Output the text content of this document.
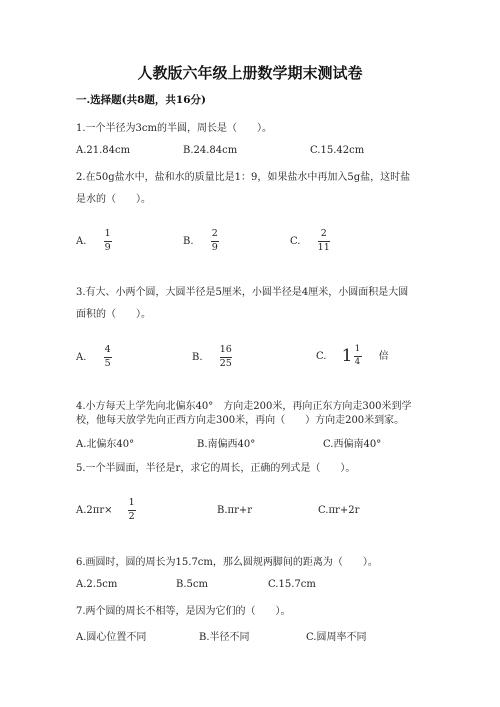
人教版六年级上册数学期末测试卷
一.选择题(共8题，共16分)
1.一个半径为3cm的半圆，周长是（　　）。
A.21.84cm	B.24.84cm	C.15.42cm
2.在50g盐水中，盐和水的质量比是1：9，如果盐水中再加入5g盐，这时盐
是水的（　　）。
A. $\frac{1}{9}$	B. $\frac{2}{9}$	C. $\frac{2}{11}$
3.有大、小两个圆，大圆半径是5厘米，小圆半径是4厘米，小圆面积是大圆
面积的（　　）。
A. $\frac{4}{5}$	B. $\frac{16}{25}$	C. $1 \frac{1}{4}$ 倍
4.小方每天上学先向北偏东40°　方向走200米，再向正东方向走300米到学
校，他每天放学先向正西方向走300米，再向（　　）方向走200米到家。
A.北偏东40°	B.南偏西40°	C.西偏南40°
5.一个半圆面，半径是r，求它的周长，正确的列式是（　　）。
$A.2\pi r\times \frac{1}{2}$	B.πr+r	C.πr+2r
6.画圆时，圆的周长为15.7cm，那么圆规两脚间的距离为（　　）。
A.2.5cm	B.5cm	C.15.7cm
7.两个圆的周长不相等，是因为它们的（　　）。
A.圆心位置不同	B.半径不同	C.圆周率不同
